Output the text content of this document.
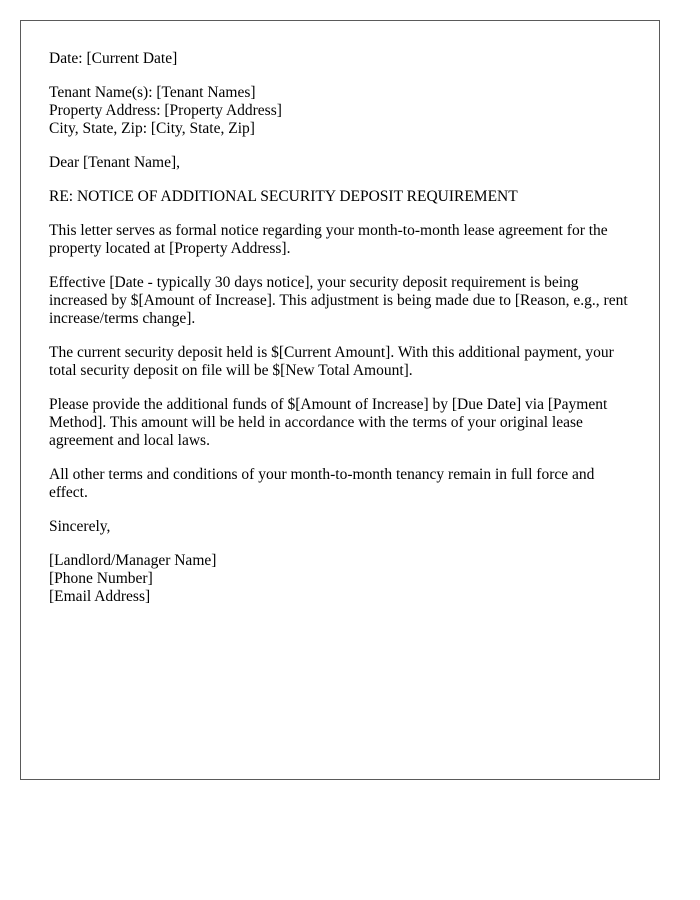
Date: [Current Date]
Tenant Name(s): [Tenant Names]
Property Address: [Property Address]
City, State, Zip: [City, State, Zip]
Dear [Tenant Name],
RE: NOTICE OF ADDITIONAL SECURITY DEPOSIT REQUIREMENT

This letter serves as formal notice regarding your month-to-month lease agreement for the property located at [Property Address].

Effective [Date - typically 30 days notice], your security deposit requirement is being increased by $[Amount of Increase]. This adjustment is being made due to [Reason, e.g., rent increase/terms change].

The current security deposit held is $[Current Amount]. With this additional payment, your total security deposit on file will be $[New Total Amount].

Please provide the additional funds of $[Amount of Increase] by [Due Date] via [Payment Method]. This amount will be held in accordance with the terms of your original lease agreement and local laws.

All other terms and conditions of your month-to-month tenancy remain in full force and effect.

Sincerely,
[Landlord/Manager Name]
[Phone Number]
[Email Address]
